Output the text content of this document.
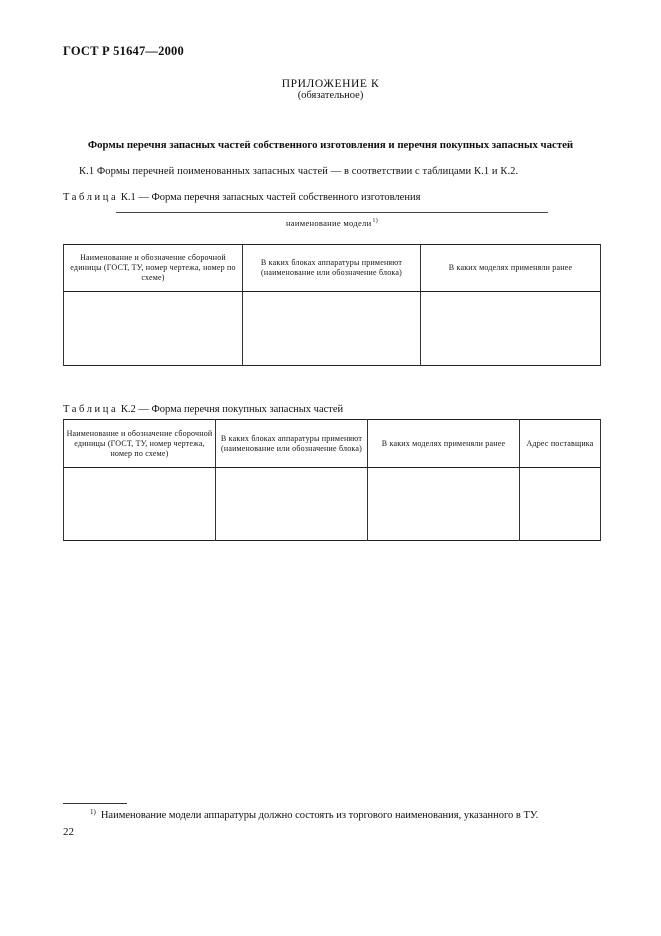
ГОСТ Р 51647—2000
ПРИЛОЖЕНИЕ К
(обязательное)
Формы перечня запасных частей собственного изготовления и перечня покупных запасных частей
К.1 Формы перечней поименованных запасных частей — в соответствии с таблицами К.1 и К.2.
Таблица К.1 — Форма перечня запасных частей собственного изготовления
наименование модели$^{1)}$
Наименование и обозначение сборочной единицы (ГОСТ, ТУ, номер чертежа, номер по схеме)	В каких блоках аппаратуры применяют (наименование или обозначение блока)	В каких моделях применяли ранее

Таблица К.2 — Форма перечня покупных запасных частей
Наименование и обозначение сборочной единицы (ГОСТ, ТУ, номер чертежа, номер по схеме)	В каких блоках аппаратуры применяют (наименование или обозначение блока)	В каких моделях применяли ранее	Адрес поставщика

$^{1)}$ Наименование модели аппаратуры должно состоять из торгового наименования, указанного в ТУ.
22
